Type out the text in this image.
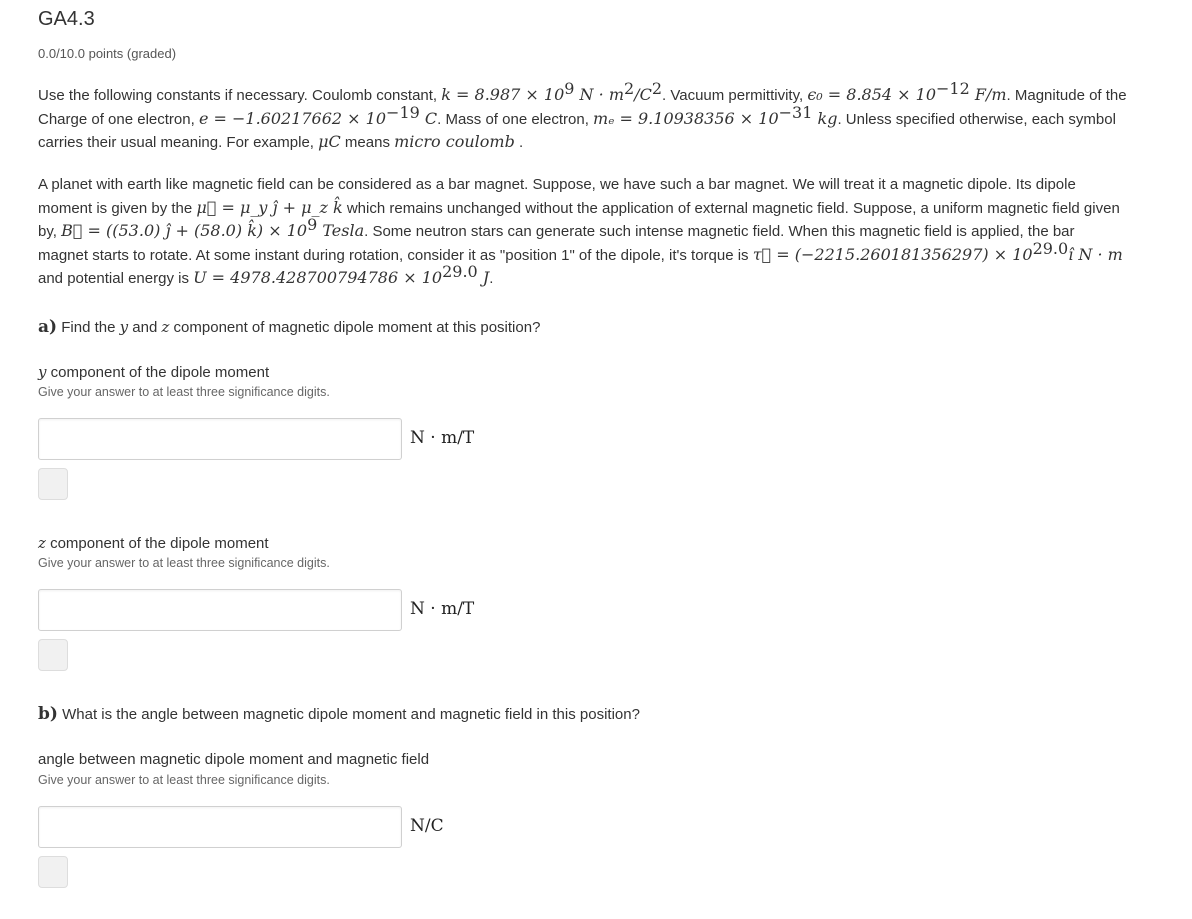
GA4.3
0.0/10.0 points (graded)
Use the following constants if necessary. Coulomb constant, $k = 8.987 \times 10^9$ $N \cdot m^2/C^2$. Vacuum permittivity, $\epsilon_0 = 8.854 \times 10^{-12}$ F/m. Magnitude of the Charge of one electron, $e = -1.60217662 \times 10^{-19}$ C. Mass of one electron, $m_e = 9.10938356 \times 10^{-31}$ kg. Unless specified otherwise, each symbol carries their usual meaning. For example, μC means micro coulomb .
A planet with earth like magnetic field can be considered as a bar magnet. Suppose, we have such a bar magnet. We will treat it a magnetic dipole. Its dipole moment is given by the μ⃗ = μ_y ĵ + μ_z k̂ which remains unchanged without the application of external magnetic field. Suppose, a uniform magnetic field given by, B⃗ = ((53.0) ĵ + (58.0) k̂) × $10^9$ Tesla. Some neutron stars can generate such intense magnetic field. When this magnetic field is applied, the bar magnet starts to rotate. At some instant during rotation, consider it as "position 1" of the dipole, it's torque is τ⃗ = $(-2215.260181356297) \times 10^{29.0}î$ N · m and potential energy is $U = 4978.428700794786 \times 10^{29.0}$ J.
a) Find the y and z component of magnetic dipole moment at this position?
y component of the dipole moment
Give your answer to at least three significance digits.
N · m/T
z component of the dipole moment
Give your answer to at least three significance digits.
N · m/T
b) What is the angle between magnetic dipole moment and magnetic field in this position?
angle between magnetic dipole moment and magnetic field
Give your answer to at least three significance digits.
N/C
